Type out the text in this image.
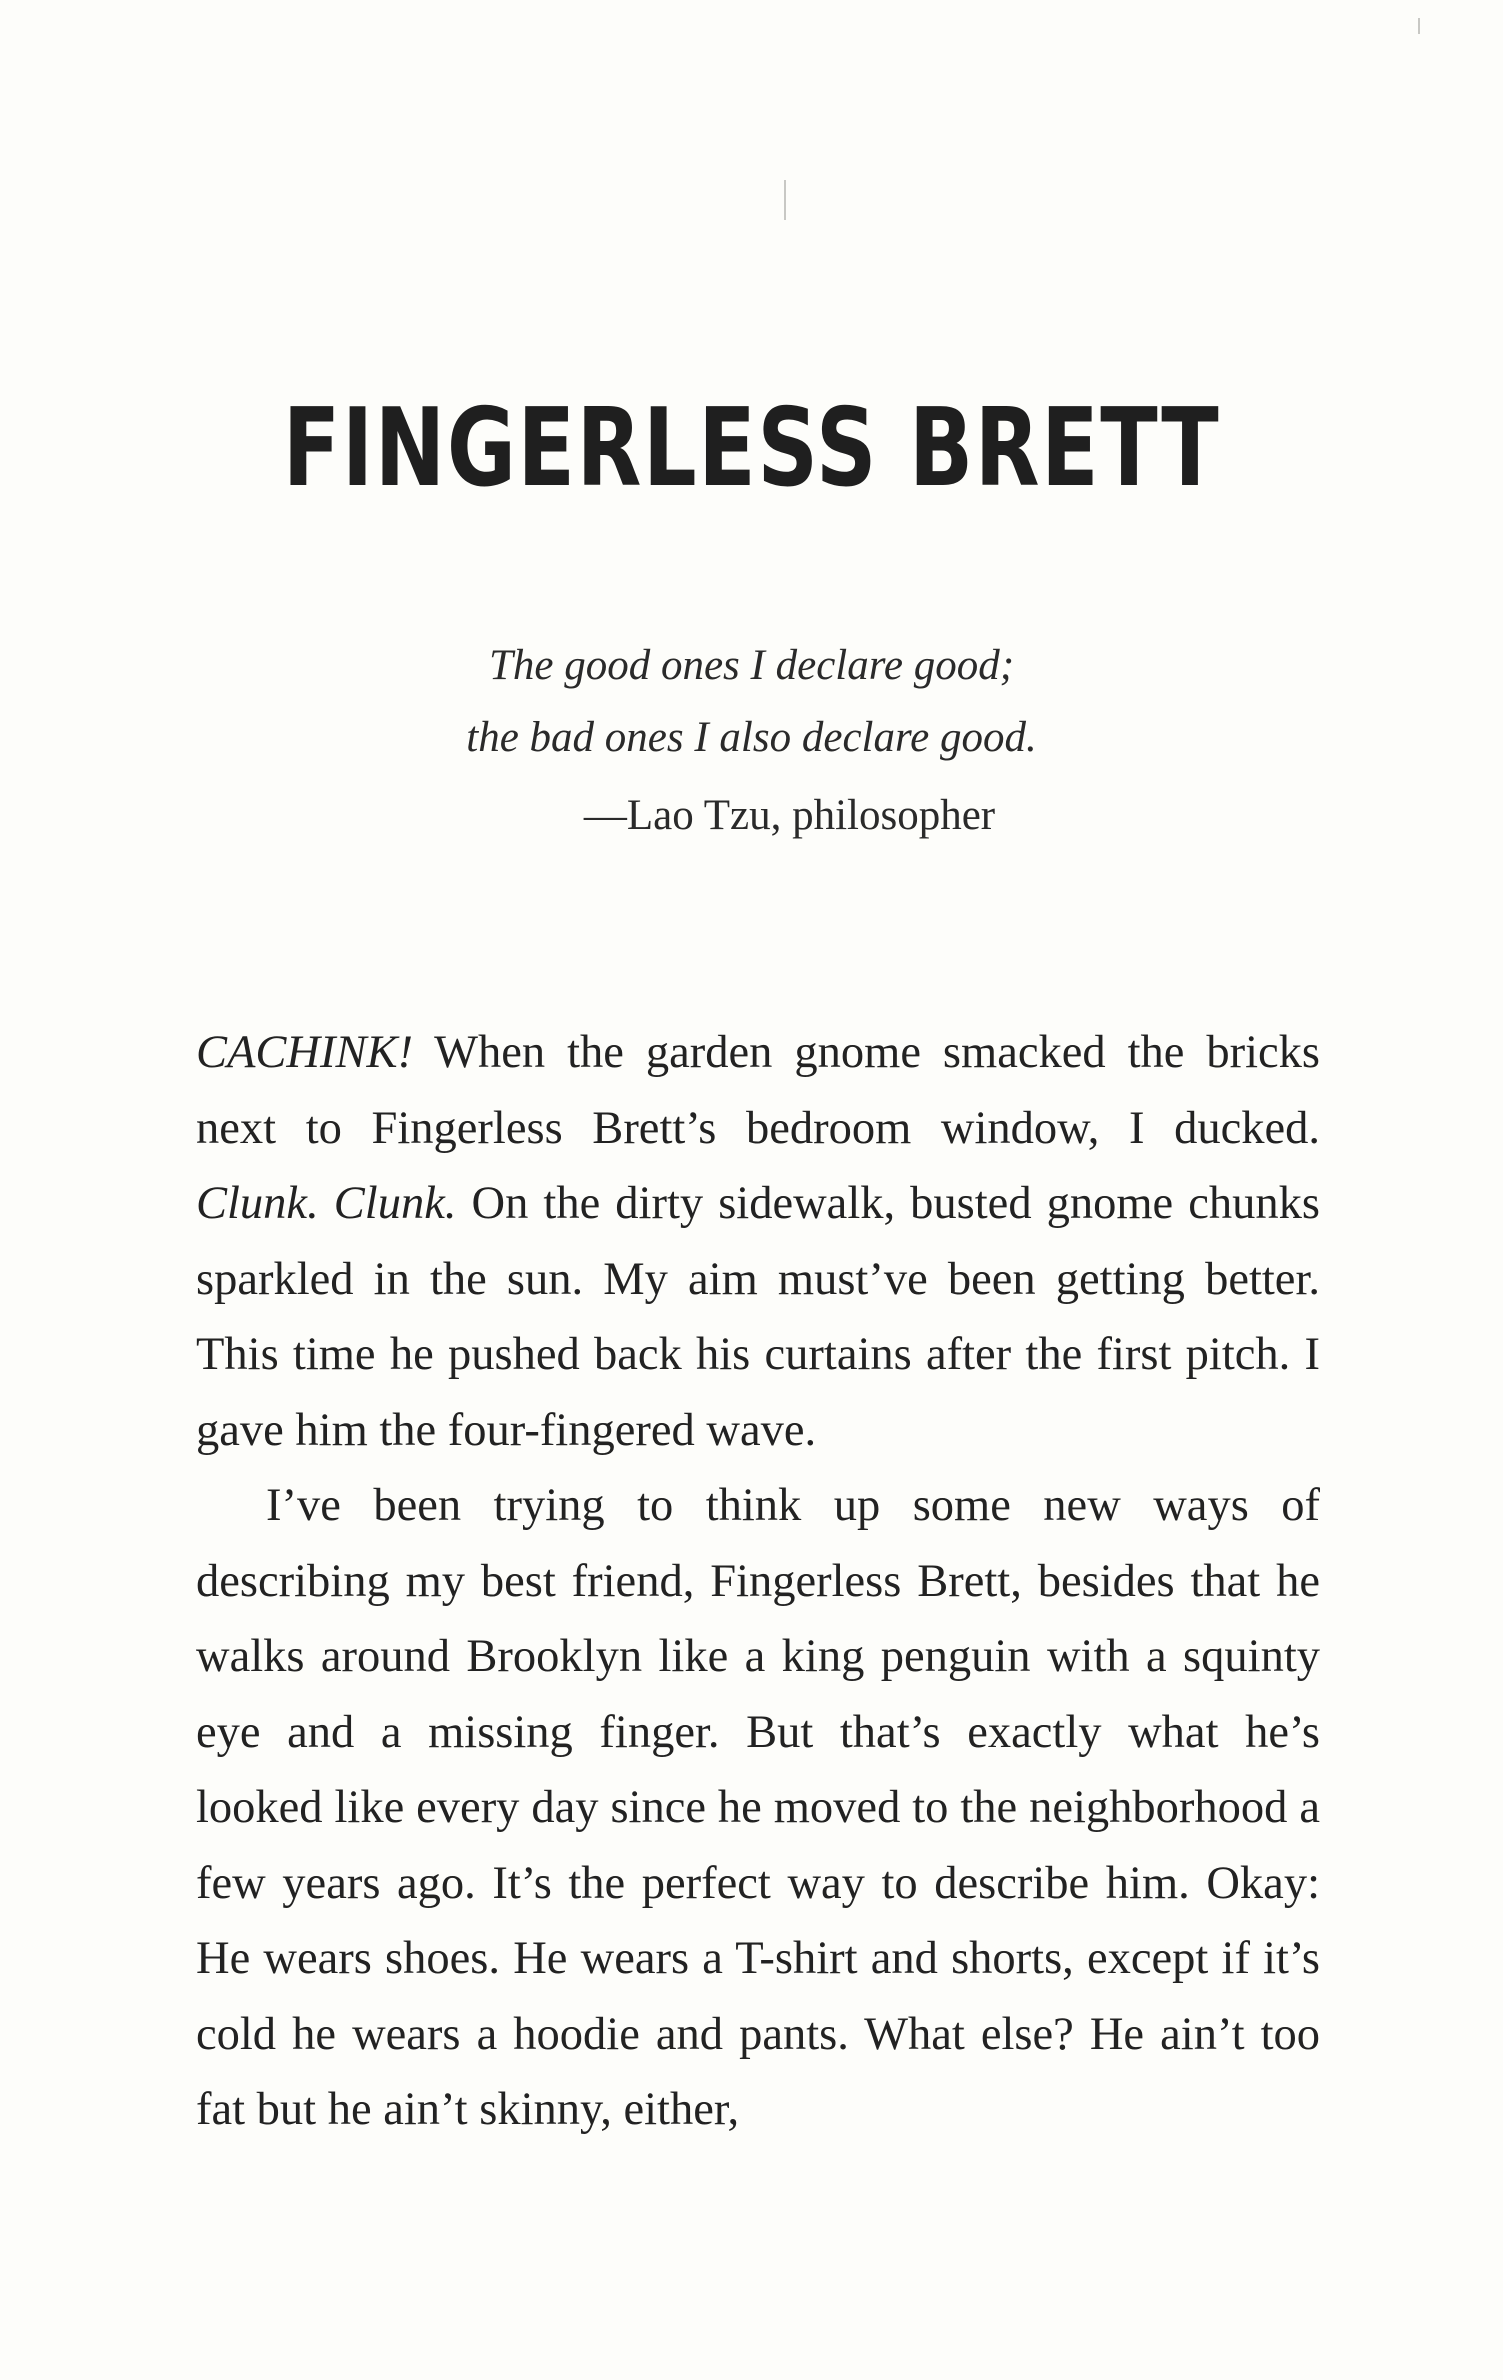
FINGERLESS BRETT
The good ones I declare good;
the bad ones I also declare good.
—Lao Tzu, philosopher

CACHINK! When the garden gnome smacked the bricks next to Fingerless Brett’s bedroom window, I ducked. Clunk. Clunk. On the dirty sidewalk, busted gnome chunks sparkled in the sun. My aim must’ve been getting better. This time he pushed back his curtains after the first pitch. I gave him the four-fingered wave.

I’ve been trying to think up some new ways of describing my best friend, Fingerless Brett, besides that he walks around Brooklyn like a king penguin with a squinty eye and a missing finger. But that’s exactly what he’s looked like every day since he moved to the neighborhood a few years ago. It’s the perfect way to describe him. Okay: He wears shoes. He wears a T-shirt and shorts, except if it’s cold he wears a hoodie and pants. What else? He ain’t too fat but he ain’t skinny, either,
